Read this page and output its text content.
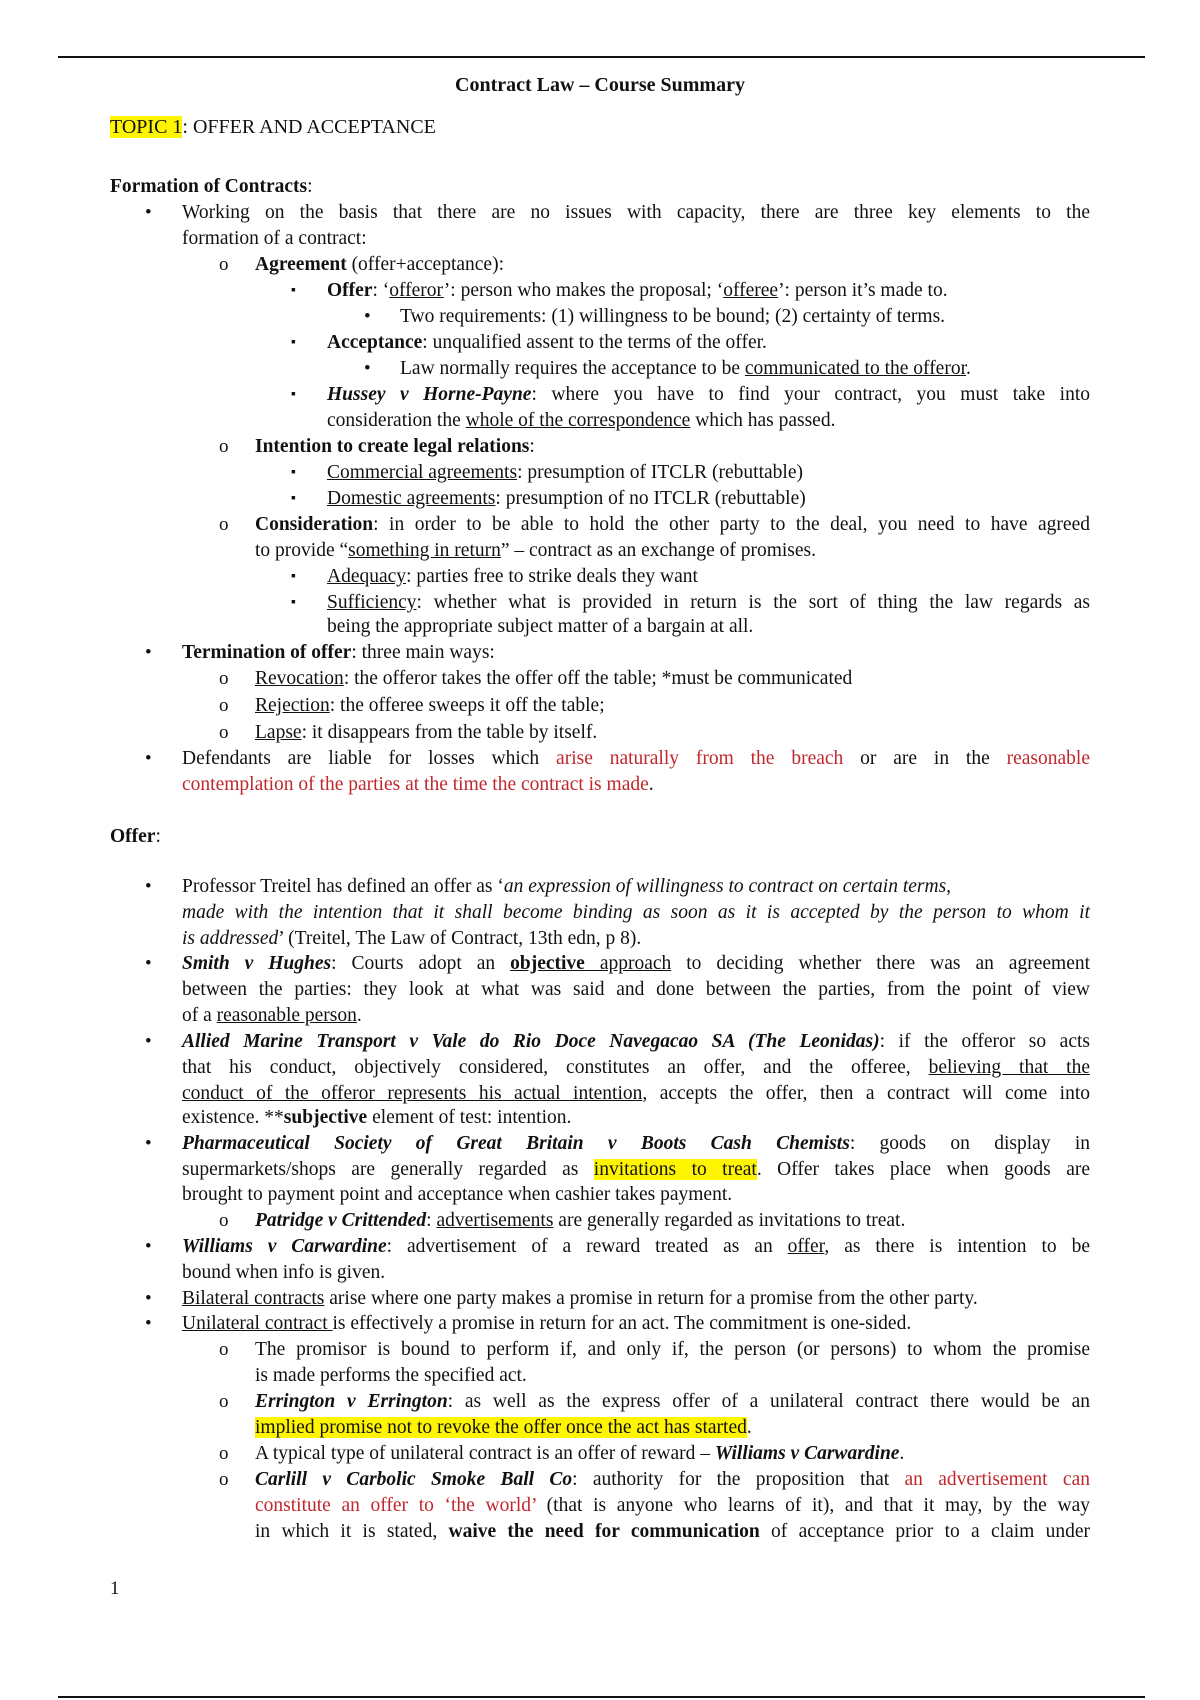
Contract Law – Course Summary
TOPIC 1: OFFER AND ACCEPTANCE
Formation of Contracts:
• Working on the basis that there are no issues with capacity, there are three key elements to the
formation of a contract:
o Agreement (offer+acceptance):
▪ Offer: ‘offeror’: person who makes the proposal; ‘offeree’: person it’s made to.
• Two requirements: (1) willingness to be bound; (2) certainty of terms.
▪ Acceptance: unqualified assent to the terms of the offer.
• Law normally requires the acceptance to be communicated to the offeror.
▪ Hussey v Horne-Payne: where you have to find your contract, you must take into
consideration the whole of the correspondence which has passed.
o Intention to create legal relations:
▪ Commercial agreements: presumption of ITCLR (rebuttable)
▪ Domestic agreements: presumption of no ITCLR (rebuttable)
o Consideration: in order to be able to hold the other party to the deal, you need to have agreed
to provide “something in return” – contract as an exchange of promises.
▪ Adequacy: parties free to strike deals they want
▪ Sufficiency: whether what is provided in return is the sort of thing the law regards as
being the appropriate subject matter of a bargain at all.
• Termination of offer: three main ways:
o Revocation: the offeror takes the offer off the table; *must be communicated
o Rejection: the offeree sweeps it off the table;
o Lapse: it disappears from the table by itself.
• Defendants are liable for losses which arise naturally from the breach or are in the reasonable
contemplation of the parties at the time the contract is made.
Offer:
• Professor Treitel has defined an offer as ‘an expression of willingness to contract on certain terms,
made with the intention that it shall become binding as soon as it is accepted by the person to whom it
is addressed’ (Treitel, The Law of Contract, 13th edn, p 8).
• Smith v Hughes: Courts adopt an objective approach to deciding whether there was an agreement
between the parties: they look at what was said and done between the parties, from the point of view
of a reasonable person.
• Allied Marine Transport v Vale do Rio Doce Navegacao SA (The Leonidas): if the offeror so acts
that his conduct, objectively considered, constitutes an offer, and the offeree, believing that the
conduct of the offeror represents his actual intention, accepts the offer, then a contract will come into
existence. **subjective element of test: intention.
• Pharmaceutical Society of Great Britain v Boots Cash Chemists: goods on display in
supermarkets/shops are generally regarded as invitations to treat. Offer takes place when goods are
brought to payment point and acceptance when cashier takes payment.
o Patridge v Crittended: advertisements are generally regarded as invitations to treat.
• Williams v Carwardine: advertisement of a reward treated as an offer, as there is intention to be
bound when info is given.
• Bilateral contracts arise where one party makes a promise in return for a promise from the other party.
• Unilateral contract is effectively a promise in return for an act. The commitment is one-sided.
o The promisor is bound to perform if, and only if, the person (or persons) to whom the promise
is made performs the specified act.
o Errington v Errington: as well as the express offer of a unilateral contract there would be an
implied promise not to revoke the offer once the act has started.
o A typical type of unilateral contract is an offer of reward – Williams v Carwardine.
o Carlill v Carbolic Smoke Ball Co: authority for the proposition that an advertisement can
constitute an offer to ‘the world’ (that is anyone who learns of it), and that it may, by the way
in which it is stated, waive the need for communication of acceptance prior to a claim under
1
